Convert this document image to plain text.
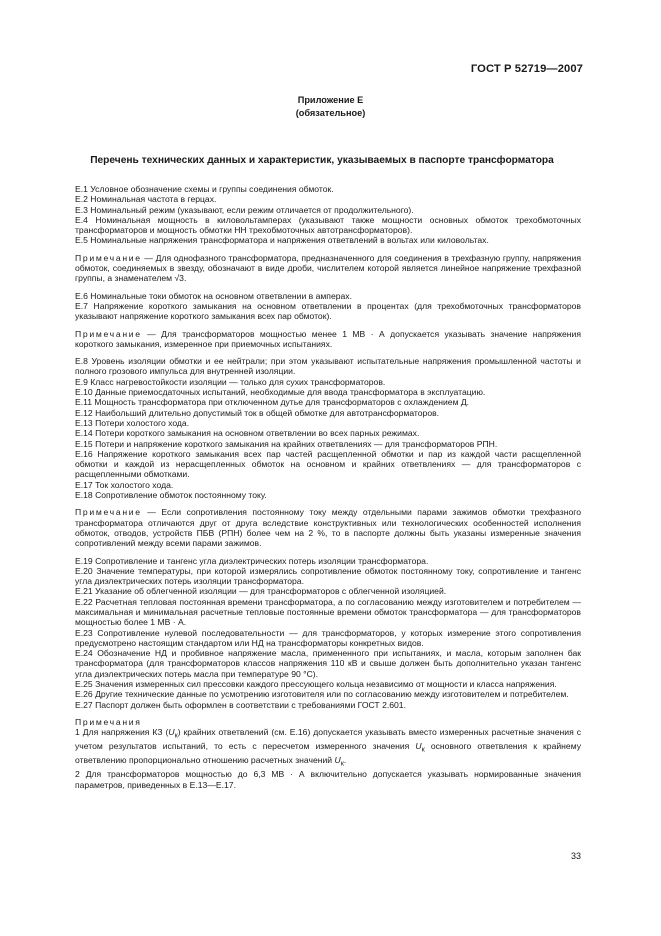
ГОСТ Р 52719—2007
Приложение Е
(обязательное)
Перечень технических данных и характеристик, указываемых в паспорте трансформатора

Е.1 Условное обозначение схемы и группы соединения обмоток.

Е.2 Номинальная частота в герцах.

Е.3 Номинальный режим (указывают, если режим отличается от продолжительного).

Е.4 Номинальная мощность в киловольтамперах (указывают также мощности основных обмоток трехобмоточных трансформаторов и мощность обмотки НН трехобмоточных автотрансформаторов).

Е.5 Номинальные напряжения трансформатора и напряжения ответвлений в вольтах или киловольтах.

Примечание — Для однофазного трансформатора, предназначенного для соединения в трехфазную группу, напряжения обмоток, соединяемых в звезду, обозначают в виде дроби, числителем которой является линейное напряжение трехфазной группы, а знаменателем √3.

Е.6 Номинальные токи обмоток на основном ответвлении в амперах.

Е.7 Напряжение короткого замыкания на основном ответвлении в процентах (для трехобмоточных трансформаторов указывают напряжение короткого замыкания всех пар обмоток).

Примечание — Для трансформаторов мощностью менее 1 МВ · А допускается указывать значение напряжения короткого замыкания, измеренное при приемочных испытаниях.

Е.8 Уровень изоляции обмотки и ее нейтрали; при этом указывают испытательные напряжения промышленной частоты и полного грозового импульса для внутренней изоляции.

Е.9 Класс нагревостойкости изоляции — только для сухих трансформаторов.

Е.10 Данные приемосдаточных испытаний, необходимые для ввода трансформатора в эксплуатацию.

Е.11 Мощность трансформатора при отключенном дутье для трансформаторов с охлаждением Д.

Е.12 Наибольший длительно допустимый ток в общей обмотке для автотрансформаторов.

Е.13 Потери холостого хода.

Е.14 Потери короткого замыкания на основном ответвлении во всех парных режимах.

Е.15 Потери и напряжение короткого замыкания на крайних ответвлениях — для трансформаторов РПН.

Е.16 Напряжение короткого замыкания всех пар частей расщепленной обмотки и пар из каждой части расщепленной обмотки и каждой из нерасщепленных обмоток на основном и крайних ответвлениях — для трансформаторов с расщепленными обмотками.

Е.17 Ток холостого хода.

Е.18 Сопротивление обмоток постоянному току.

Примечание — Если сопротивления постоянному току между отдельными парами зажимов обмотки трехфазного трансформатора отличаются друг от друга вследствие конструктивных или технологических особенностей исполнения обмоток, отводов, устройств ПБВ (РПН) более чем на 2 %, то в паспорте должны быть указаны измеренные значения сопротивлений между всеми парами зажимов.

Е.19 Сопротивление и тангенс угла диэлектрических потерь изоляции трансформатора.

Е.20 Значение температуры, при которой измерялись сопротивление обмоток постоянному току, сопротивление и тангенс угла диэлектрических потерь изоляции трансформатора.

Е.21 Указание об облегченной изоляции — для трансформаторов с облегченной изоляцией.

Е.22 Расчетная тепловая постоянная времени трансформатора, а по согласованию между изготовителем и потребителем — максимальная и минимальная расчетные тепловые постоянные времени обмоток трансформатора — для трансформаторов мощностью более 1 МВ · А.

Е.23 Сопротивление нулевой последовательности — для трансформаторов, у которых измерение этого сопротивления предусмотрено настоящим стандартом или НД на трансформаторы конкретных видов.

Е.24 Обозначение НД и пробивное напряжение масла, примененного при испытаниях, и масла, которым заполнен бак трансформатора (для трансформаторов классов напряжения 110 кВ и свыше должен быть дополнительно указан тангенс угла диэлектрических потерь масла при температуре 90 °С).

Е.25 Значения измеренных сил прессовки каждого прессующего кольца независимо от мощности и класса напряжения.

Е.26 Другие технические данные по усмотрению изготовителя или по согласованию между изготовителем и потребителем.

Е.27 Паспорт должен быть оформлен в соответствии с требованиями ГОСТ 2.601.

Примечания

1 Для напряжения КЗ $(U_к)$ крайних ответвлений (см. Е.16) допускается указывать вместо измеренных расчетные значения с учетом результатов испытаний, то есть с пересчетом измеренного значения $U_к$ основного ответвления к крайнему ответвлению пропорционально отношению расчетных значений $U_к$.

2 Для трансформаторов мощностью до 6,3 МВ · А включительно допускается указывать нормированные значения параметров, приведенных в Е.13—Е.17.

33
